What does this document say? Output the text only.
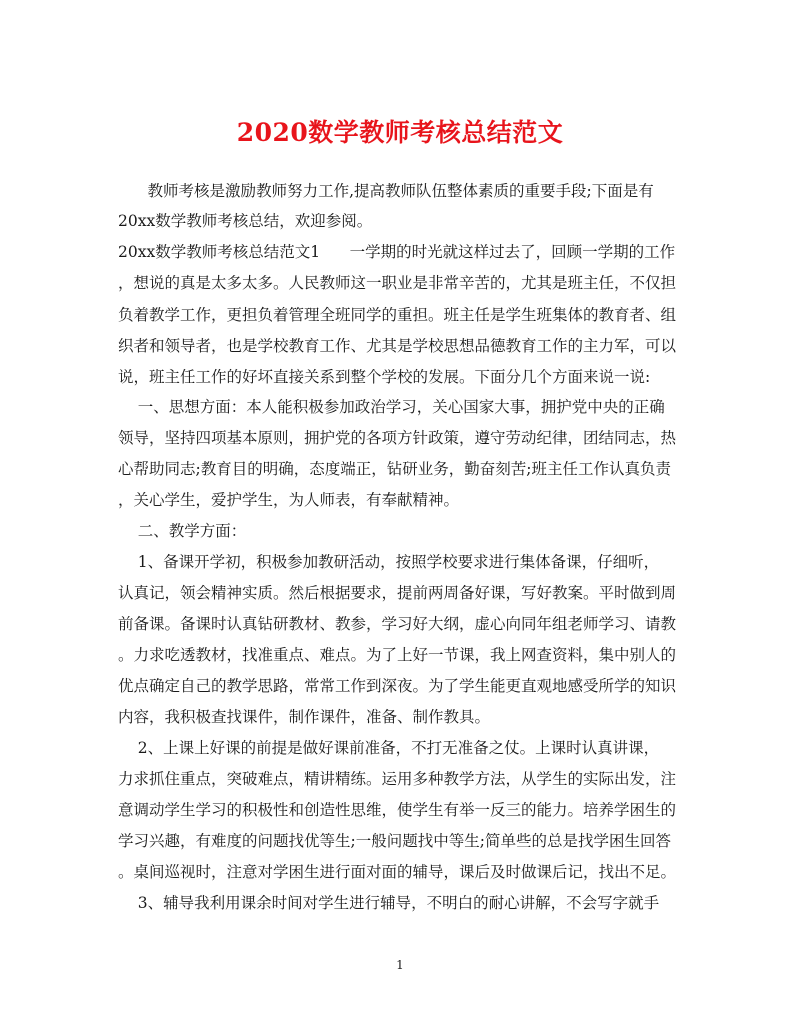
2020数学教师考核总结范文

教师考核是激励教师努力工作,提高教师队伍整体素质的重要手段;下面是有

20xx数学教师考核总结，欢迎参阅。

20xx数学教师考核总结范文1      一学期的时光就这样过去了，回顾一学期的工作

，想说的真是太多太多。人民教师这一职业是非常辛苦的，尤其是班主任，不仅担

负着教学工作，更担负着管理全班同学的重担。班主任是学生班集体的教育者、组

织者和领导者，也是学校教育工作、尤其是学校思想品德教育工作的主力军，可以

说，班主任工作的好坏直接关系到整个学校的发展。下面分几个方面来说一说:

一、思想方面：本人能积极参加政治学习，关心国家大事，拥护党中央的正确

领导，坚持四项基本原则，拥护党的各项方针政策，遵守劳动纪律，团结同志，热

心帮助同志;教育目的明确，态度端正，钻研业务，勤奋刻苦;班主任工作认真负责

，关心学生，爱护学生，为人师表，有奉献精神。

二、教学方面：

1、备课开学初，积极参加教研活动，按照学校要求进行集体备课，仔细听，

认真记，领会精神实质。然后根据要求，提前两周备好课，写好教案。平时做到周

前备课。备课时认真钻研教材、教参，学习好大纲，虚心向同年组老师学习、请教

。力求吃透教材，找准重点、难点。为了上好一节课，我上网查资料，集中别人的

优点确定自己的教学思路，常常工作到深夜。为了学生能更直观地感受所学的知识

内容，我积极查找课件，制作课件，准备、制作教具。

2、上课上好课的前提是做好课前准备，不打无准备之仗。上课时认真讲课，

力求抓住重点，突破难点，精讲精练。运用多种教学方法，从学生的实际出发，注

意调动学生学习的积极性和创造性思维，使学生有举一反三的能力。培养学困生的

学习兴趣，有难度的问题找优等生;一般问题找中等生;简单些的总是找学困生回答

。桌间巡视时，注意对学困生进行面对面的辅导，课后及时做课后记，找出不足。

3、辅导我利用课余时间对学生进行辅导，不明白的耐心讲解，不会写字就手

1
